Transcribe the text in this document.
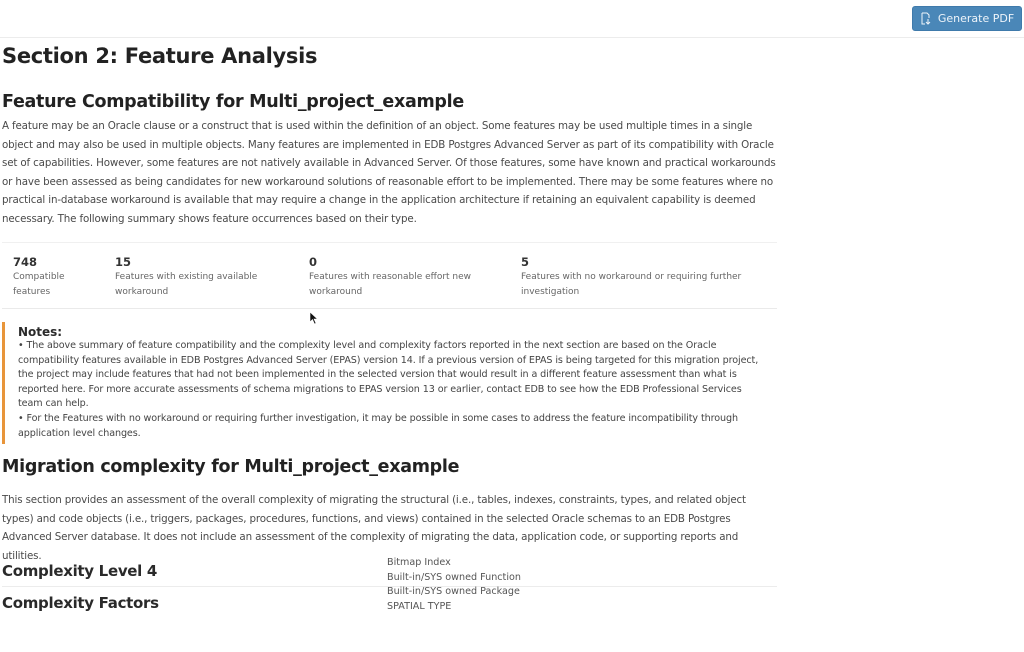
Generate PDF
Section 2: Feature Analysis
Feature Compatibility for Multi_project_example

A feature may be an Oracle clause or a construct that is used within the definition of an object. Some features may be used multiple times in a single object and may also be used in multiple objects. Many features are implemented in EDB Postgres Advanced Server as part of its compatibility with Oracle set of capabilities. However, some features are not natively available in Advanced Server. Of those features, some have known and practical workarounds or have been assessed as being candidates for new workaround solutions of reasonable effort to be implemented. There may be some features where no practical in-database workaround is available that may require a change in the application architecture if retaining an equivalent capability is deemed necessary. The following summary shows feature occurrences based on their type.

748
Compatible features
15
Features with existing available workaround
0
Features with reasonable effort new workaround
5
Features with no workaround or requiring further investigation
Notes:
• The above summary of feature compatibility and the complexity level and complexity factors reported in the next section are based on the Oracle compatibility features available in EDB Postgres Advanced Server (EPAS) version 14. If a previous version of EPAS is being targeted for this migration project, the project may include features that had not been implemented in the selected version that would result in a different feature assessment than what is reported here. For more accurate assessments of schema migrations to EPAS version 13 or earlier, contact EDB to see how the EDB Professional Services team can help.
• For the Features with no workaround or requiring further investigation, it may be possible in some cases to address the feature incompatibility through application level changes.
Migration complexity for Multi_project_example

This section provides an assessment of the overall complexity of migrating the structural (i.e., tables, indexes, constraints, types, and related object types) and code objects (i.e., triggers, packages, procedures, functions, and views) contained in the selected Oracle schemas to an EDB Postgres Advanced Server database. It does not include an assessment of the complexity of migrating the data, application code, or supporting reports and utilities.

Complexity Level 4
Complexity Factors
Bitmap Index
Built-in/SYS owned Function
Built-in/SYS owned Package
SPATIAL TYPE
